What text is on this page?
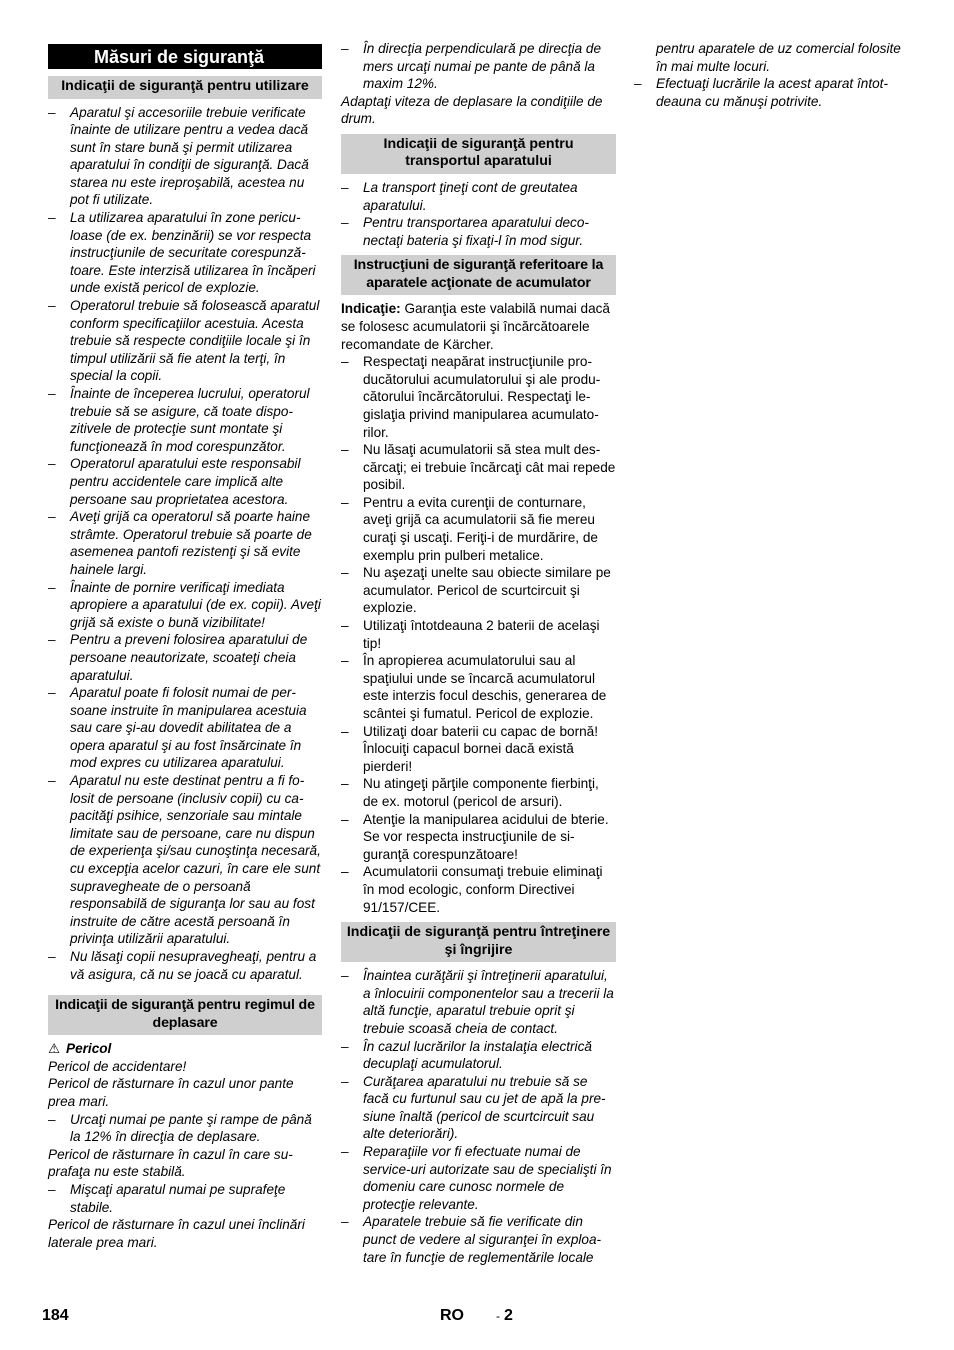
Măsuri de siguranţă
Indicaţii de siguranţă pentru utilizare
– Aparatul şi accesoriile trebuie verificate înainte de utilizare pentru a vedea dacă sunt în stare bună şi permit utilizarea aparatului în condiţii de siguranţă. Dacă starea nu este ireproşabilă, acestea nu pot fi utilizate.
– La utilizarea aparatului în zone periculoase (de ex. benzinării) se vor respecta instrucţiunile de securitate corespunzătoare. Este interzisă utilizarea în încăperi unde există pericol de explozie.
– Operatorul trebuie să folosească aparatul conform specificaţiilor acestuia. Acesta trebuie să respecte condiţiile locale şi în timpul utilizării să fie atent la terţi, în special la copii.
– Înainte de începerea lucrului, operatorul trebuie să se asigure, că toate dispozitivele de protecţie sunt montate şi funcţionează în mod corespunzător.
– Operatorul aparatului este responsabil pentru accidentele care implică alte persoane sau proprietatea acestora.
– Aveţi grijă ca operatorul să poarte haine strâmte. Operatorul trebuie să poarte de asemenea pantofi rezistenţi şi să evite hainele largi.
– Înainte de pornire verificaţi imediata apropiere a aparatului (de ex. copii). Aveţi grijă să existe o bună vizibilitate!
– Pentru a preveni folosirea aparatului de persoane neautorizate, scoateţi cheia aparatului.
– Aparatul poate fi folosit numai de persoane instruite în manipularea acestuia sau care şi-au dovedit abilitatea de a opera aparatul şi au fost însărcinate în mod expres cu utilizarea aparatului.
– Aparatul nu este destinat pentru a fi folosit de persoane (inclusiv copii) cu capacităţi psihice, senzoriale sau mintale limitate sau de persoane, care nu dispun de experienţa şi/sau cunoştinţa necesară, cu excepţia acelor cazuri, în care ele sunt supravegheate de o persoană responsabilă de siguranţa lor sau au fost instruite de către acestă persoană în privinţa utilizării aparatului.
– Nu lăsaţi copii nesupravegheaţi, pentru a vă asigura, că nu se joacă cu aparatul.
Indicaţii de siguranţă pentru regimul de deplasare
⚠ Pericol
Pericol de accidentare!
Pericol de răsturnare în cazul unor pante prea mari.
– Urcaţi numai pe pante şi rampe de până la 12% în direcţia de deplasare.
Pericol de răsturnare în cazul în care suprafaţa nu este stabilă.
– Mişcaţi aparatul numai pe suprafeţe stabile.
Pericol de răsturnare în cazul unei înclinări laterale prea mari.
– În direcţia perpendiculară pe direcţia de mers urcaţi numai pe pante de până la maxim 12%.
Adaptaţi viteza de deplasare la condiţiile de drum.
Indicaţii de siguranţă pentru transportul aparatului
– La transport ţineţi cont de greutatea aparatului.
– Pentru transportarea aparatului deconectaţi bateria şi fixaţi-l în mod sigur.
Instrucţiuni de siguranţă referitoare la aparatele acţionate de acumulator
Indicaţie: Garanţia este valabilă numai dacă se folosesc acumulatorii şi încărcătoarele recomandate de Kärcher.
– Respectaţi neapărat instrucţiunile producătorului acumulatorului şi ale producătorului încărcătorului. Respectaţi legislaţia privind manipularea acumulatorilor.
– Nu lăsaţi acumulatorii să stea mult descărcaţi; ei trebuie încărcaţi cât mai repede posibil.
– Pentru a evita curenţii de conturnare, aveţi grijă ca acumulatorii să fie mereu curaţi şi uscaţi. Feriţi-i de murdărire, de exemplu prin pulberi metalice.
– Nu aşezaţi unelte sau obiecte similare pe acumulator. Pericol de scurtcircuit şi explozie.
– Utilizaţi întotdeauna 2 baterii de acelaşi tip!
– În apropierea acumulatorului sau al spaţiului unde se încarcă acumulatorul este interzis focul deschis, generarea de scântei şi fumatul. Pericol de explozie.
– Utilizaţi doar baterii cu capac de bornă! Înlocuiţi capacul bornei dacă există pierderi!
– Nu atingeţi părţile componente fierbinţi, de ex. motorul (pericol de arsuri).
– Atenţie la manipularea acidului de bterie. Se vor respecta instrucţiunile de siguranţă corespunzătoare!
– Acumulatorii consumaţi trebuie eliminaţi în mod ecologic, conform Directivei 91/157/CEE.
Indicaţii de siguranţă pentru întreţinere şi îngrijire
– Înaintea curăţării şi întreţinerii aparatului, a înlocuirii componentelor sau a trecerii la altă funcţie, aparatul trebuie oprit şi trebuie scoasă cheia de contact.
– În cazul lucrărilor la instalaţia electrică decuplaţi acumulatorul.
– Curăţarea aparatului nu trebuie să se facă cu furtunul sau cu jet de apă la presiune înaltă (pericol de scurtcircuit sau alte deteriorări).
– Reparaţiile vor fi efectuate numai de service-uri autorizate sau de specialişti în domeniu care cunosc normele de protecţie relevante.
– Aparatele trebuie să fie verificate din punct de vedere al siguranţei în exploatare în funcţie de reglementările locale
pentru aparatele de uz comercial folosite în mai multe locuri.
– Efectuaţi lucrările la acest aparat întotdeauna cu mănuşi potrivite.
184	RO	- 2
